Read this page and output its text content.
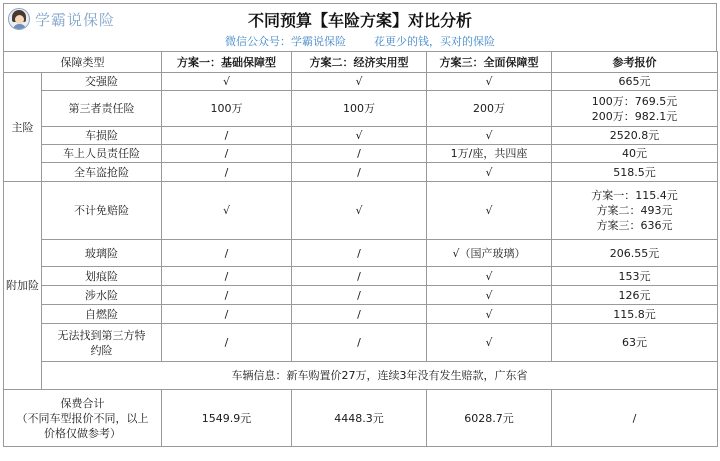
学霸说保险	不同预算【车险方案】对比分析
微信公众号：学霸说保险        花更少的钱，买对的保险
保障类型		方案一：基础保障型	方案二：经济实用型	方案三：全面保障型	参考报价
主险	交强险	√	√	√	665元
	第三者责任险	100万	100万	200万	100万：769.5元
200万：982.1元

	车损险	/	√	√	2520.8元
	车上人员责任险	/	/	1万/座，共四座	40元
	全车盗抢险	/	/	√	518.5元
附加险	不计免赔险	√	√	√	方案一：115.4元
方案二：493元
方案三：636元

	玻璃险	/	/	√（国产玻璃）	206.55元
	划痕险	/	/	√	153元
	涉水险	/	/	√	126元
	自燃险	/	/	√	115.8元

	无法找到第三方特
约险	/	/	√	63元
	车辆信息：新车购置价27万，连续3年没有发生赔款，广东省				

保费合计
（不同车型报价不同，以上
价格仅做参考）		1549.9元	4448.3元	6028.7元	/
